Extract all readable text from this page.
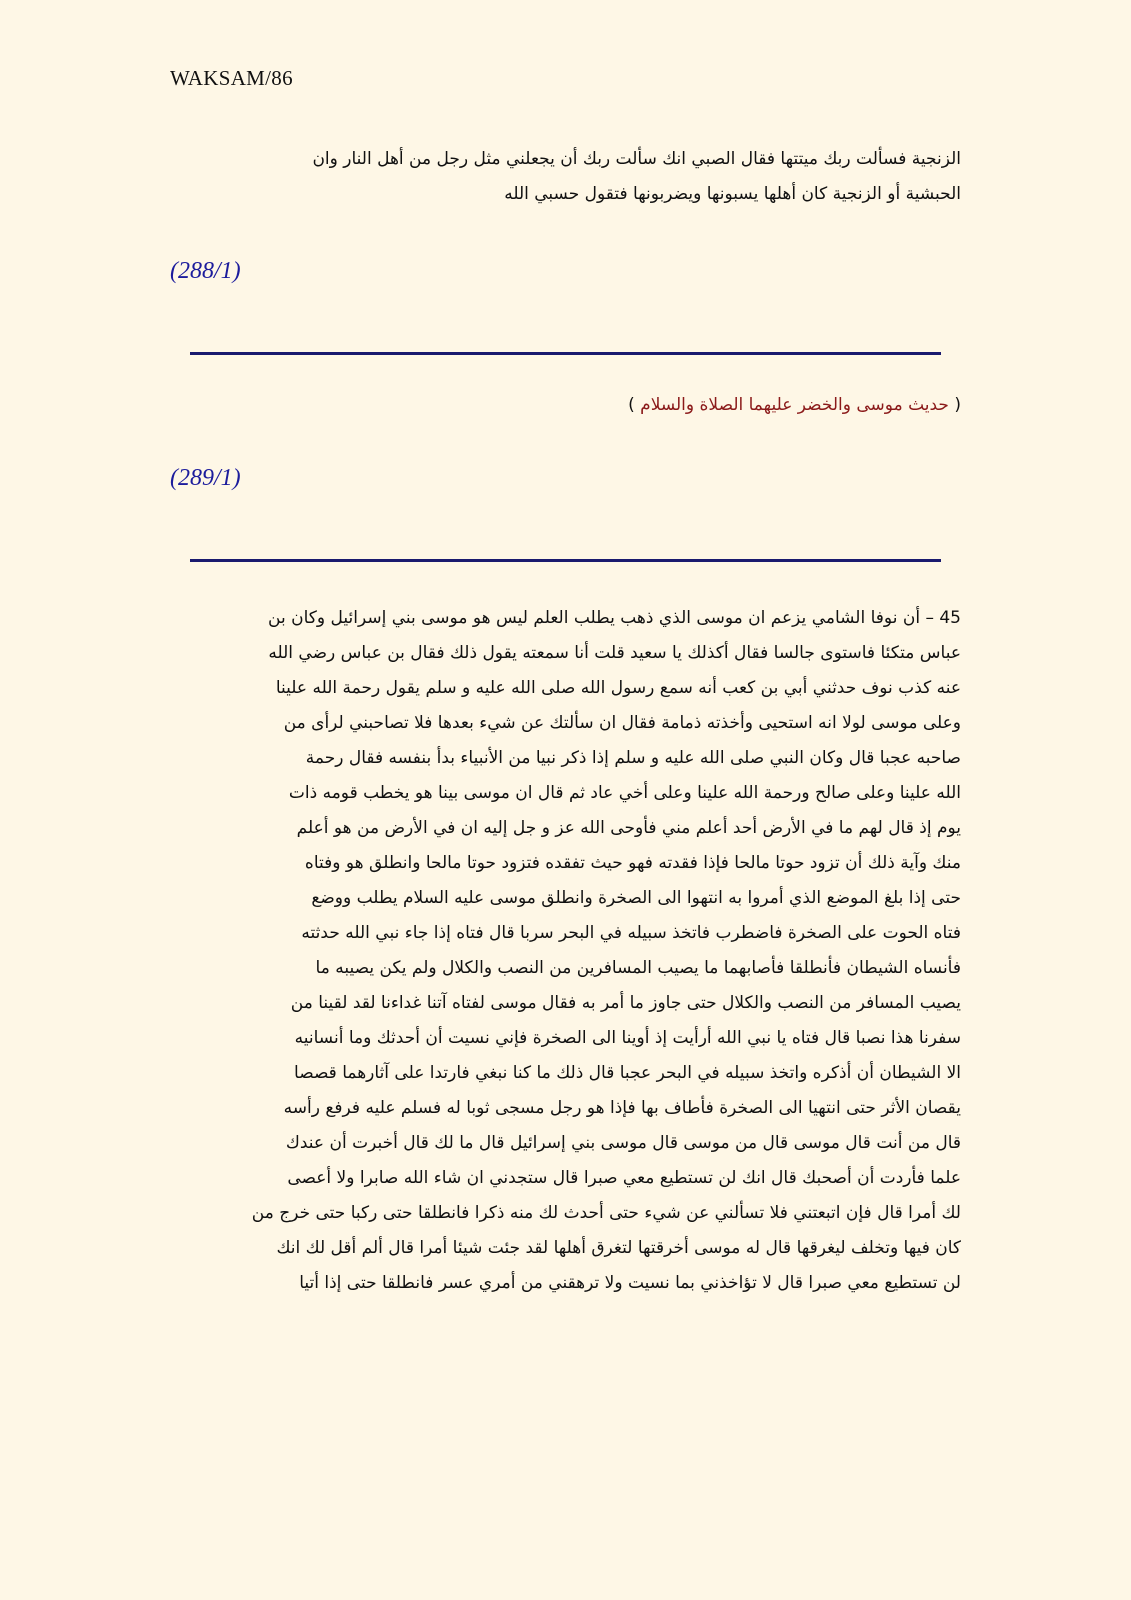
WAKSAM/86
الزنجية فسألت ربك ميتتها فقال الصبي انك سألت ربك أن يجعلني مثل رجل من أهل النار وان
الحبشية أو الزنجية كان أهلها يسبونها ويضربونها فتقول حسبي الله
(288/1)
( حديث موسى والخضر عليهما الصلاة والسلام )
(289/1)
45 – أن نوفا الشامي يزعم ان موسى الذي ذهب يطلب العلم ليس هو موسى بني إسرائيل وكان بن
عباس متكئا فاستوى جالسا فقال أكذلك يا سعيد قلت أنا سمعته يقول ذلك فقال بن عباس رضي الله
عنه كذب نوف حدثني أبي بن كعب أنه سمع رسول الله صلى الله عليه و سلم يقول رحمة الله علينا
وعلى موسى لولا انه استحيى وأخذته ذمامة فقال ان سألتك عن شيء بعدها فلا تصاحبني لرأى من
صاحبه عجبا قال وكان النبي صلى الله عليه و سلم إذا ذكر نبيا من الأنبياء بدأ بنفسه فقال رحمة
الله علينا وعلى صالح ورحمة الله علينا وعلى أخي عاد ثم قال ان موسى بينا هو يخطب قومه ذات
يوم إذ قال لهم ما في الأرض أحد أعلم مني فأوحى الله عز و جل إليه ان في الأرض من هو أعلم
منك وآية ذلك أن تزود حوتا مالحا فإذا فقدته فهو حيث تفقده فتزود حوتا مالحا وانطلق هو وفتاه
حتى إذا بلغ الموضع الذي أمروا به انتهوا الى الصخرة وانطلق موسى عليه السلام يطلب ووضع
فتاه الحوت على الصخرة فاضطرب فاتخذ سبيله في البحر سربا قال فتاه إذا جاء نبي الله حدثته
فأنساه الشيطان فأنطلقا فأصابهما ما يصيب المسافرين من النصب والكلال ولم يكن يصيبه ما
يصيب المسافر من النصب والكلال حتى جاوز ما أمر به فقال موسى لفتاه آتنا غداءنا لقد لقينا من
سفرنا هذا نصبا قال فتاه يا نبي الله أرأيت إذ أوينا الى الصخرة فإني نسيت أن أحدثك وما أنسانيه
الا الشيطان أن أذكره واتخذ سبيله في البحر عجبا قال ذلك ما كنا نبغي فارتدا على آثارهما قصصا
يقصان الأثر حتى انتهيا الى الصخرة فأطاف بها فإذا هو رجل مسجى ثوبا له فسلم عليه فرفع رأسه
قال من أنت قال موسى قال من موسى قال موسى بني إسرائيل قال ما لك قال أخبرت أن عندك
علما فأردت أن أصحبك قال انك لن تستطيع معي صبرا قال ستجدني ان شاء الله صابرا ولا أعصى
لك أمرا قال فإن اتبعتني فلا تسألني عن شيء حتى أحدث لك منه ذكرا فانطلقا حتى ركبا حتى خرج من
كان فيها وتخلف ليغرقها قال له موسى أخرقتها لتغرق أهلها لقد جئت شيئا أمرا قال ألم أقل لك انك
لن تستطيع معي صبرا قال لا تؤاخذني بما نسيت ولا ترهقني من أمري عسر فانطلقا حتى إذا أتيا
